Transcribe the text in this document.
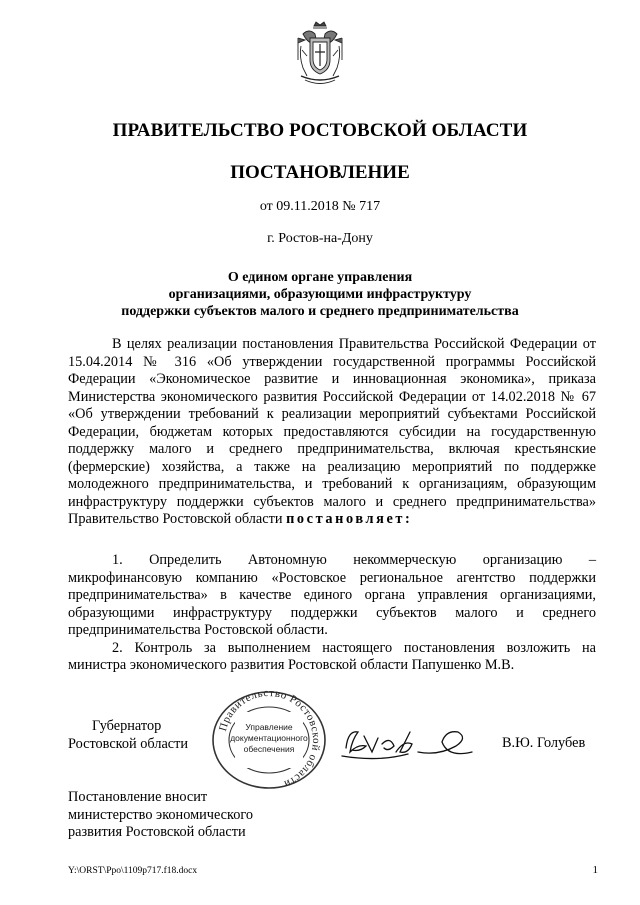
ПРАВИТЕЛЬСТВО РОСТОВСКОЙ ОБЛАСТИ
ПОСТАНОВЛЕНИЕ
от 09.11.2018 № 717
г. Ростов-на-Дону
О едином органе управления
организациями, образующими инфраструктуру
поддержки субъектов малого и среднего предпринимательства

В целях реализации постановления Правительства Российской Федерации от 15.04.2014 № 316 «Об утверждении государственной программы Российской Федерации «Экономическое развитие и инновационная экономика», приказа Министерства экономического развития Российской Федерации от 14.02.2018 № 67 «Об утверждении требований к реализации мероприятий субъектами Российской Федерации, бюджетам которых предоставляются субсидии на государственную поддержку малого и среднего предпринимательства, включая крестьянские (фермерские) хозяйства, а также на реализацию мероприятий по поддержке молодежного предпринимательства, и требований к организациям, образующим инфраструктуру поддержки субъектов малого и среднего предпринимательства» Правительство Ростовской области постановляет:

1. Определить Автономную некоммерческую организацию – микрофинансовую компанию «Ростовское региональное агентство поддержки предпринимательства» в качестве единого органа управления организациями, образующими инфраструктуру поддержки субъектов малого и среднего предпринимательства Ростовской области.

2. Контроль за выполнением настоящего постановления возложить на министра экономического развития Ростовской области Папушенко М.В.

Губернатор
Ростовской области
Правительство Ростовской области
Управление
документационного
обеспечения	В.Ю. Голубев
Постановление вносит
министерство экономического
развития Ростовской области
Y:\ORST\Ppo\1109p717.f18.docx	1
